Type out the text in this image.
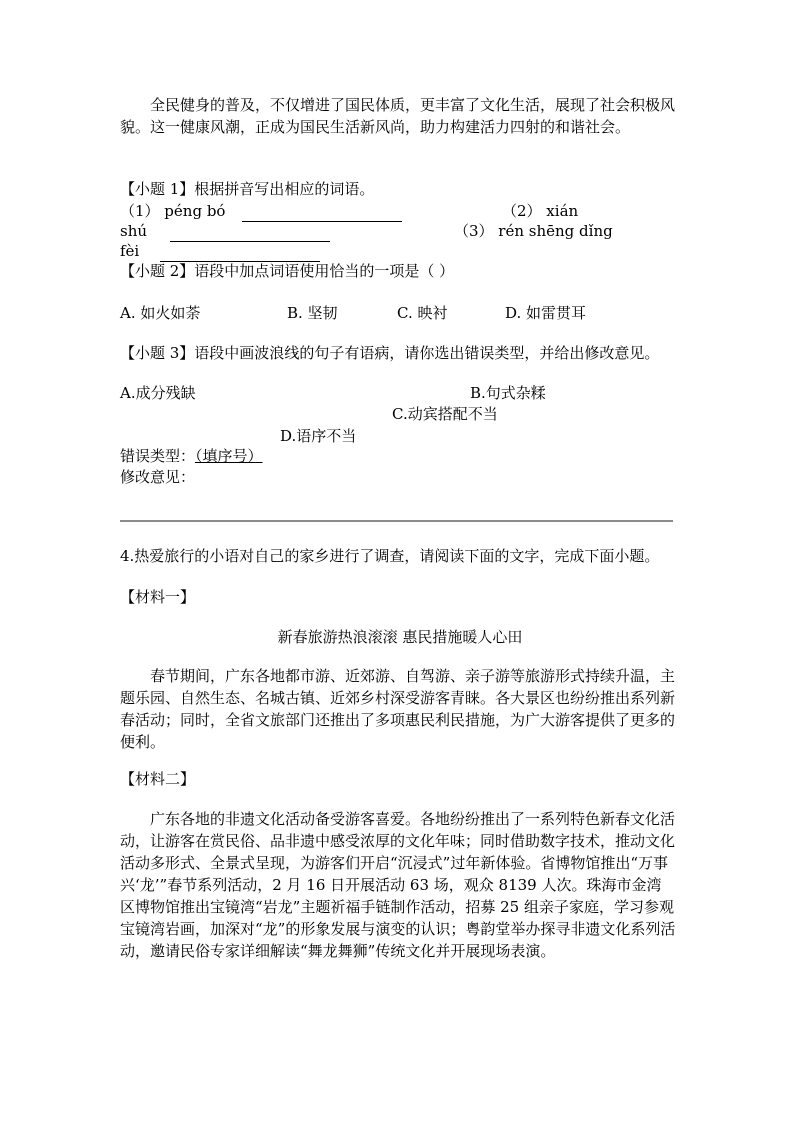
全民健身的普及，不仅增进了国民体质，更丰富了文化生活，展现了社会积极风貌。这一健康风潮，正成为国民生活新风尚，助力构建活力四射的和谐社会。
【小题 1】根据拼音写出相应的词语。
（1） péng bó	（2） xián
shú	（3） rén shēng dǐng
fèi
【小题 2】语段中加点词语使用恰当的一项是（ ）
A. 如火如荼	B. 坚韧	C. 映衬	D. 如雷贯耳
【小题 3】语段中画波浪线的句子有语病，请你选出错误类型，并给出修改意见。
A.成分残缺	B.句式杂糅
C.动宾搭配不当
D.语序不当
错误类型：（填序号）
修改意见：
4.热爱旅行的小语对自己的家乡进行了调查，请阅读下面的文字，完成下面小题。
【材料一】
新春旅游热浪滚滚 惠民措施暖人心田
春节期间，广东各地都市游、近郊游、自驾游、亲子游等旅游形式持续升温，主题乐园、自然生态、名城古镇、近郊乡村深受游客青睐。各大景区也纷纷推出系列新春活动；同时，全省文旅部门还推出了多项惠民利民措施，为广大游客提供了更多的便利。
【材料二】
广东各地的非遗文化活动备受游客喜爱。各地纷纷推出了一系列特色新春文化活动，让游客在赏民俗、品非遗中感受浓厚的文化年味；同时借助数字技术，推动文化活动多形式、全景式呈现，为游客们开启“沉浸式”过年新体验。省博物馆推出“万事兴‘龙’”春节系列活动，2 月 16 日开展活动 63 场，观众 8139 人次。珠海市金湾区博物馆推出宝镜湾“岩龙”主题祈福手链制作活动，招募 25 组亲子家庭，学习参观宝镜湾岩画，加深对“龙”的形象发展与演变的认识；粤韵堂举办探寻非遗文化系列活动，邀请民俗专家详细解读“舞龙舞狮”传统文化并开展现场表演。
